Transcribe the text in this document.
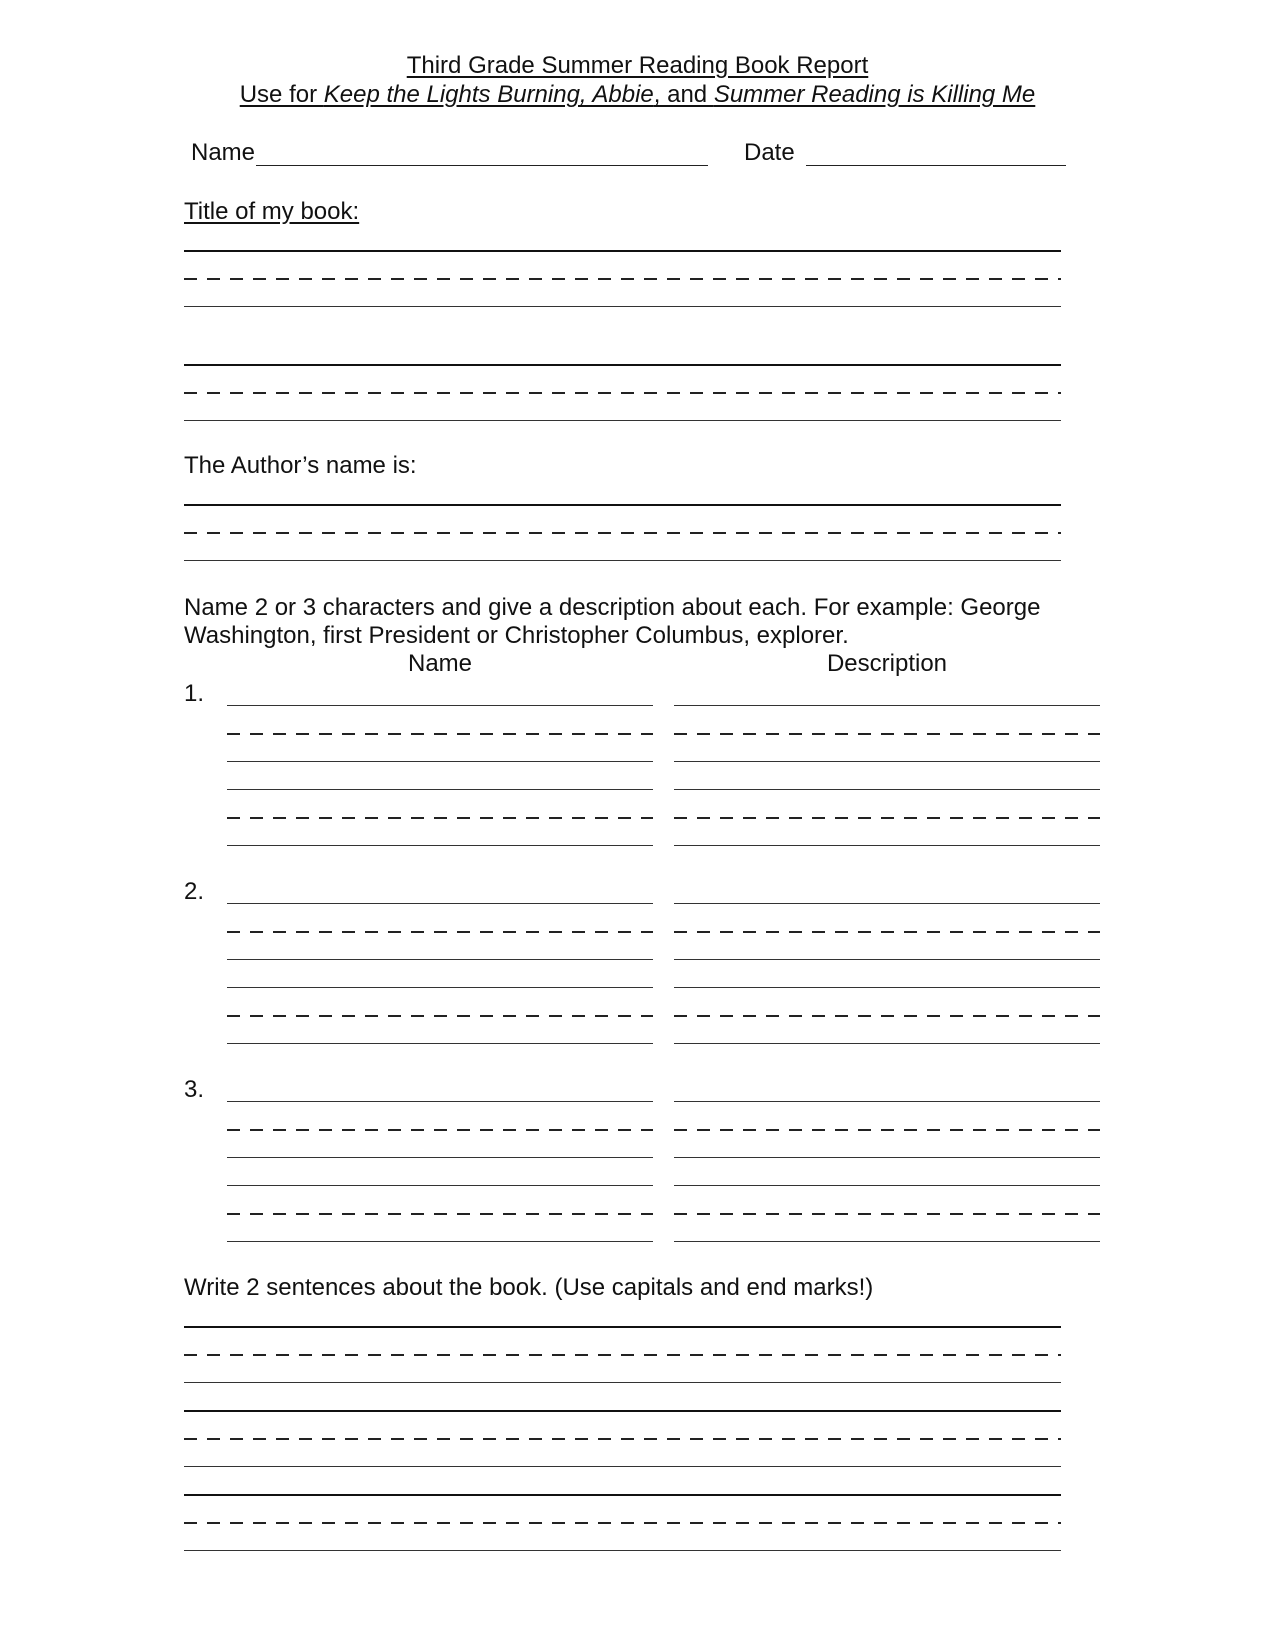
Third Grade Summer Reading Book Report
Use for Keep the Lights Burning, Abbie, and Summer Reading is Killing Me
Name	Date
Title of my book:
The Author’s name is:
Name 2 or 3 characters and give a description about each. For example: George
Washington, first President or Christopher Columbus, explorer.
Name	Description
1.
2.
3.
Write 2 sentences about the book. (Use capitals and end marks!)
